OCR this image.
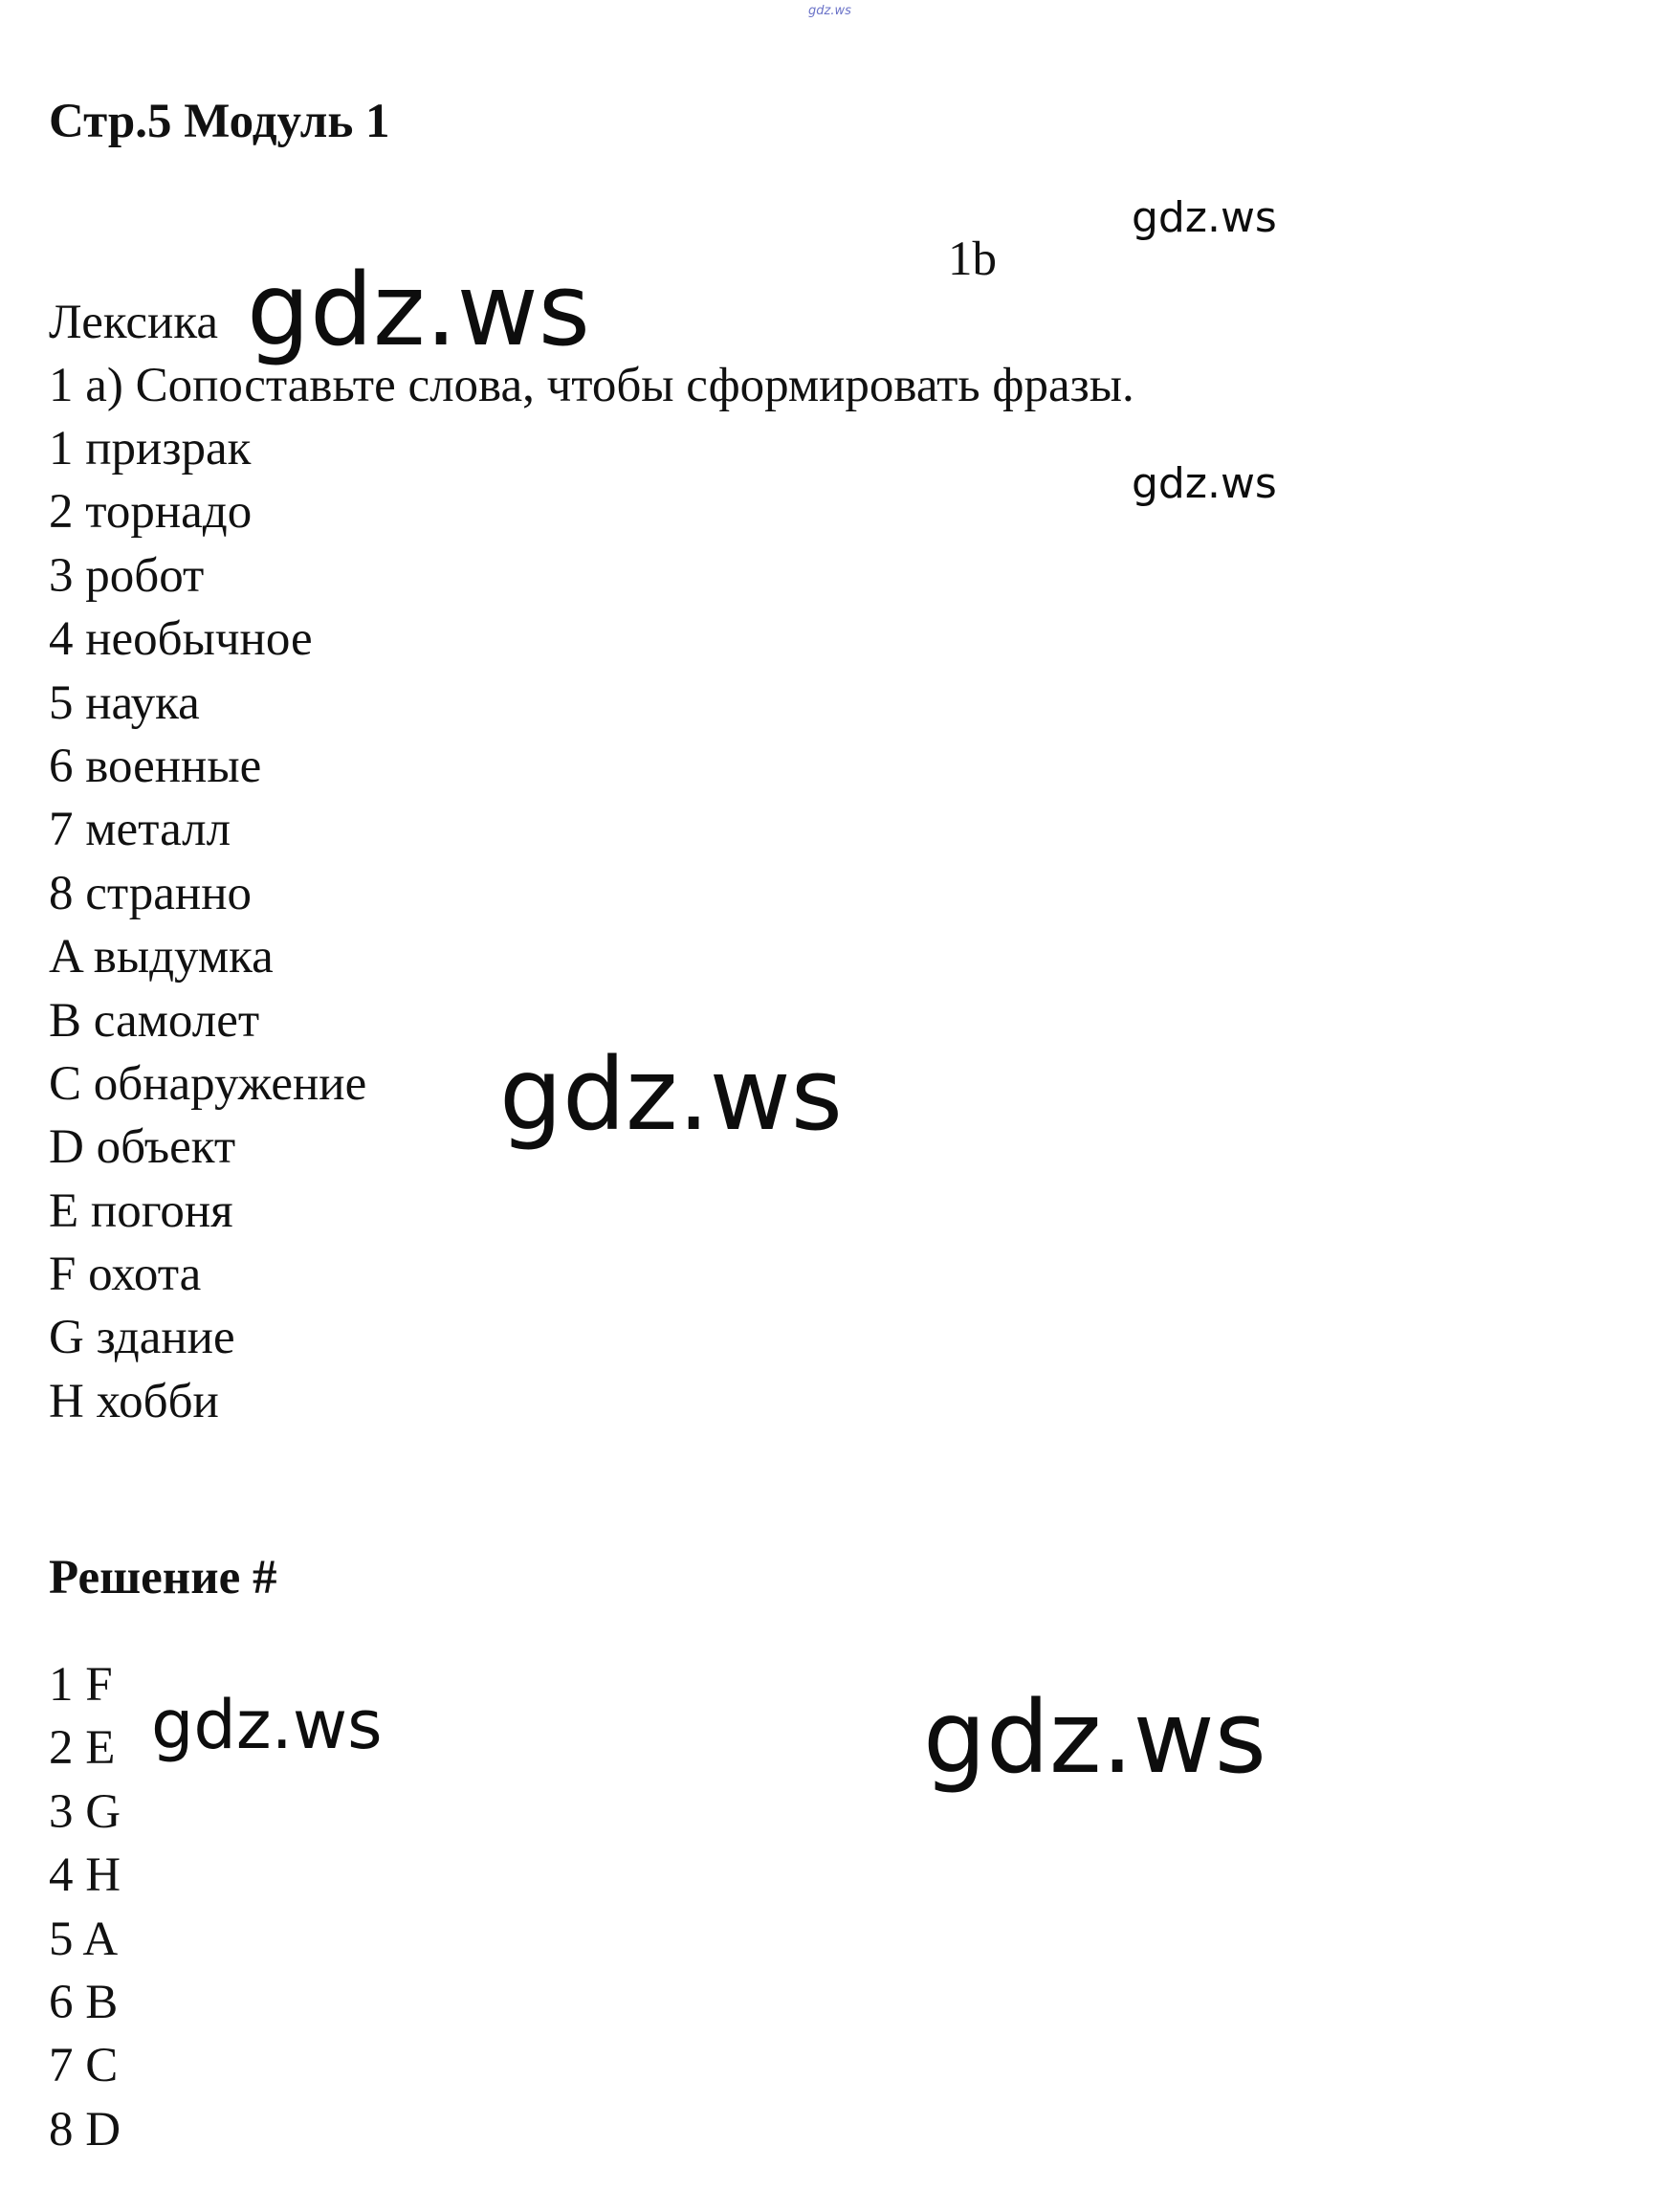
gdz.ws
Стр.5 Модуль 1
gdz.ws
1b
Лексика gdz.ws
1 a) Сопоставьте слова, чтобы сформировать фразы.
gdz.ws
1 призрак
2 торнадо
3 робот
4 необычное
5 наука
6 военные
7 металл
8 странно
A выдумка
B самолет
C обнаружение
D объект
E погоня
F охота
G здание
H хобби
gdz.ws
Решение #
1 F
2 E
3 G
4 H
5 A
6 B
7 C
8 D
gdz.ws	gdz.ws
